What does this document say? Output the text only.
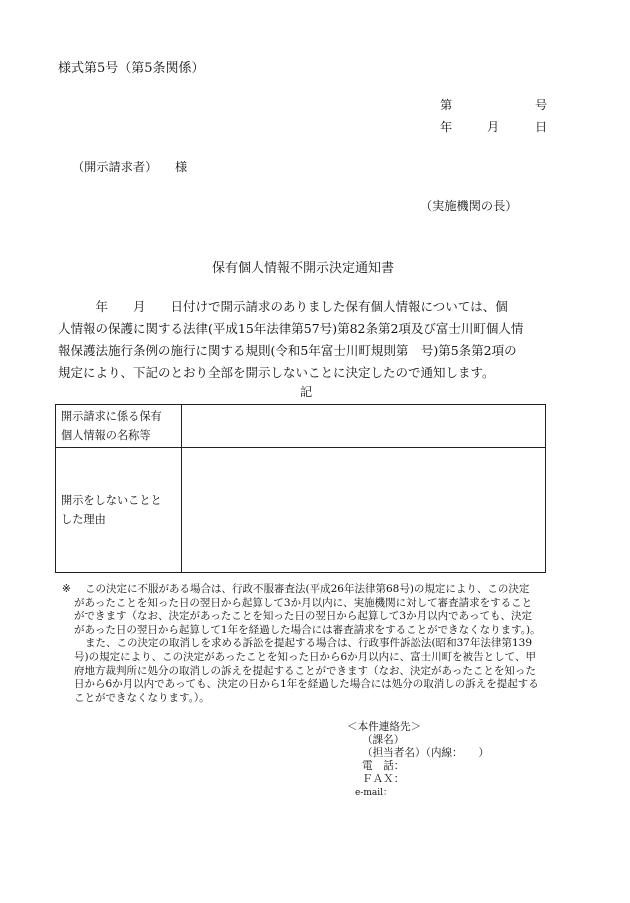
様式第5号（第5条関係）
第	号
年	月	日
（開示請求者） 様
（実施機関の長）
保有個人情報不開示決定通知書
　　　年　　月　　日付けで開示請求のありました保有個人情報については、個
人情報の保護に関する法律(平成15年法律第57号)第82条第2項及び富士川町個人情
報保護法施行条例の施行に関する規則(令和5年富士川町規則第　号)第5条第2項の
規定により、下記のとおり全部を開示しないことに決定したので通知します。
記
開示請求に係る保有
個人情報の名称等	

開示をしないことと
した理由	

※	この決定に不服がある場合は、行政不服審査法(平成26年法律第68号)の規定により、この決定
があったことを知った日の翌日から起算して3か月以内に、実施機関に対して審査請求をすること
ができます（なお、決定があったことを知った日の翌日から起算して3か月以内であっても、決定
があった日の翌日から起算して1年を経過した場合には審査請求をすることができなくなります。)。
また、この決定の取消しを求める訴訟を提起する場合は、行政事件訴訟法(昭和37年法律第139
号)の規定により、この決定があったことを知った日から6か月以内に、富士川町を被告として、甲
府地方裁判所に処分の取消しの訴えを提起することができます（なお、決定があったことを知った
日から6か月以内であっても、決定の日から1年を経過した場合には処分の取消しの訴えを提起する
ことができなくなります。）。
＜本件連絡先＞
（課名）
（担当者名）（内線：　　）
電　話：
ＦＡＸ：
e-mail：
